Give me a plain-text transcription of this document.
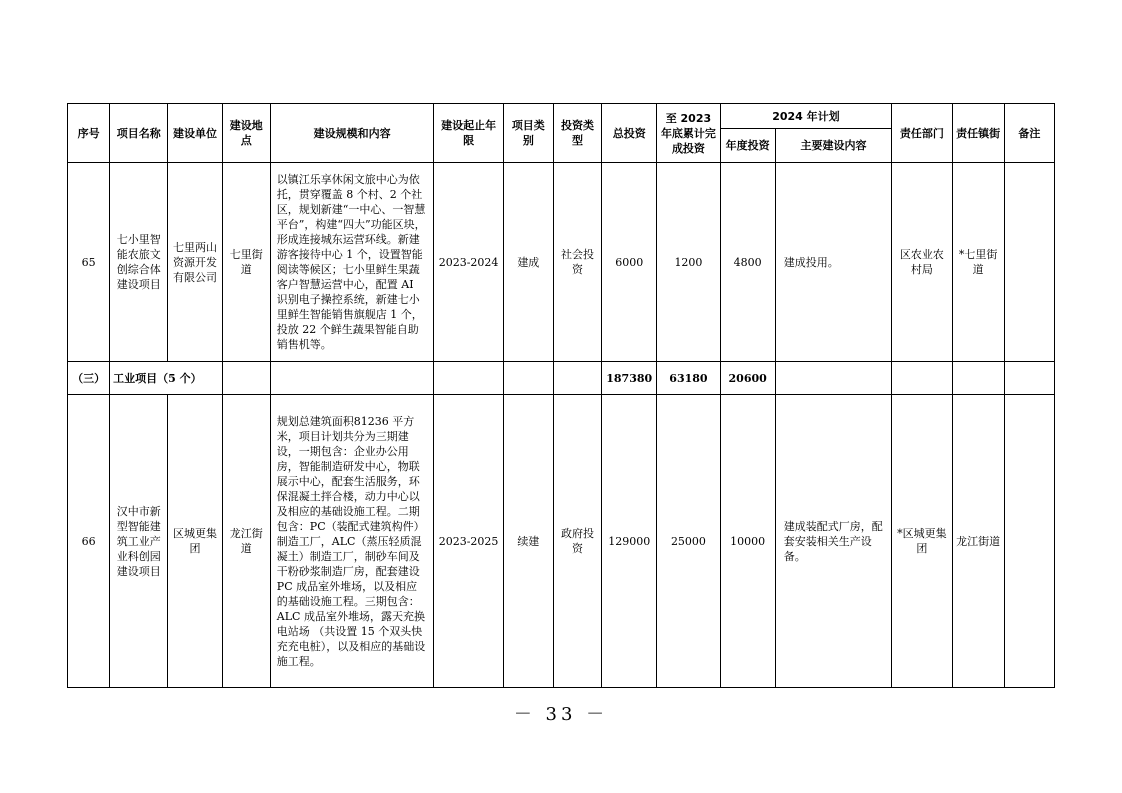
序号	项目名称	建设单位	建设地点	建设规模和内容	建设起止年限	项目类别	投资类型	总投资	至 2023 年底累计完成投资	2024 年计划		责任部门	责任镇街	备注
										年度投资	主要建设内容			
65	七小里智能农旅文创综合体建设项目	七里两山资源开发有限公司	七里街道	以镇江乐享休闲文旅中心为依托，贯穿覆盖 8 个村、2 个社区，规划新建“一中心、一智慧平台”，构建“四大”功能区块，形成连接城东运营环线。新建游客接待中心 1 个，设置智能阅读等候区；七小里鲜生果蔬客户智慧运营中心，配置 AI 识别电子操控系统，新建七小里鲜生智能销售旗舰店 1 个，投放 22 个鲜生蔬果智能自助销售机等。	2023-2024	建成	社会投资	6000	1200	4800	建成投用。	区农业农村局	*七里街道	
（三）	工业项目（5 个）							187380	63180	20600				
66	汉中市新型智能建筑工业产业科创园建设项目	区城更集团	龙江街道	规划总建筑面积81236 平方米，项目计划共分为三期建设，一期包含：企业办公用房，智能制造研发中心，物联展示中心，配套生活服务，环保混凝土拌合楼，动力中心以及相应的基础设施工程。二期包含：PC（装配式建筑构件）制造工厂，ALC（蒸压轻质混凝土）制造工厂，制砂车间及干粉砂浆制造厂房，配套建设 PC 成品室外堆场，以及相应的基础设施工程。三期包含：ALC 成品室外堆场，露天充换电站场 （共设置 15 个双头快充充电桩），以及相应的基础设施工程。	2023-2025	续建	政府投资	129000	25000	10000	建成装配式厂房，配套安装相关生产设备。	*区城更集团	龙江街道	
－ 33 －
